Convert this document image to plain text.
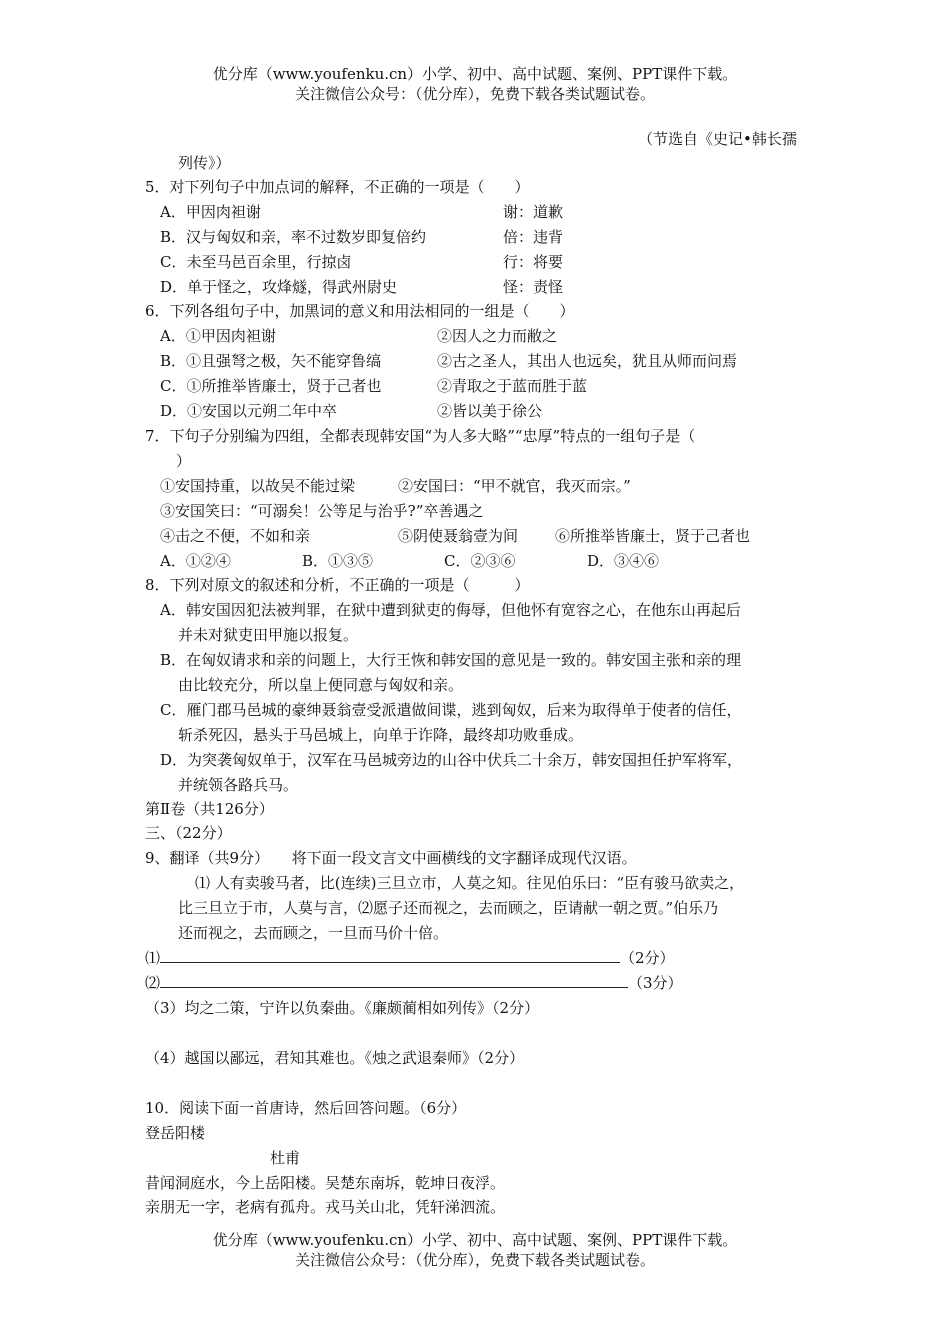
优分库（www.youfenku.cn）小学、初中、高中试题、案例、PPT课件下载。
关注微信公众号：（优分库），免费下载各类试题试卷。
（节选自《史记•韩长孺
列传》）
5．对下列句子中加点词的解释，不正确的一项是（　　）
A．甲因肉袒谢	谢：道歉
B．汉与匈奴和亲，率不过数岁即复倍约	倍：违背
C．未至马邑百余里，行掠卤	行：将要
D．单于怪之，攻烽燧，得武州尉史	怪：责怪
6．下列各组句子中，加黑词的意义和用法相同的一组是（　　）
A．①甲因肉袒谢	②因人之力而敝之
B．①且强弩之极，矢不能穿鲁缟	②古之圣人，其出人也远矣，犹且从师而问焉
C．①所推举皆廉士，贤于己者也	②青取之于蓝而胜于蓝
D．①安国以元朔二年中卒	②皆以美于徐公
7．下句子分别编为四组，全都表现韩安国“为人多大略”“忠厚”特点的一组句子是（
）
①安国持重，以故吴不能过梁	②安国曰：“甲不就官，我灭而宗。”
③安国笑曰：“可溺矣！公等足与治乎?”卒善遇之
④击之不便，不如和亲	⑤阴使聂翁壹为间 ⑥所推举皆廉士，贤于己者也
A．①②④	B．①③⑤	C．②③⑥	D．③④⑥
8．下列对原文的叙述和分析，不正确的一项是（　　　）
A．韩安国因犯法被判罪，在狱中遭到狱吏的侮辱，但他怀有宽容之心，在他东山再起后
并未对狱吏田甲施以报复。
B．在匈奴请求和亲的问题上，大行王恢和韩安国的意见是一致的。韩安国主张和亲的理
由比较充分，所以皇上便同意与匈奴和亲。
C．雁门郡马邑城的豪绅聂翁壹受派遣做间谍，逃到匈奴，后来为取得单于使者的信任，
斩杀死囚，悬头于马邑城上，向单于诈降，最终却功败垂成。
D．为突袭匈奴单于，汉军在马邑城旁边的山谷中伏兵二十余万，韩安国担任护军将军，
并统领各路兵马。
第Ⅱ卷（共126分）
三、（22分）
9、翻译（共9分）　　将下面一段文言文中画横线的文字翻译成现代汉语。
⑴ 人有卖骏马者，比(连续)三旦立市，人莫之知。往见伯乐曰：“臣有骏马欲卖之，
比三旦立于市，人莫与言，⑵愿子还而视之，去而顾之，臣请献一朝之贾。”伯乐乃
还而视之，去而顾之，一旦而马价十倍。
⑴	（2分）
⑵	（3分）
（3）均之二策，宁许以负秦曲。《廉颇蔺相如列传》（2分）
（4）越国以鄙远，君知其难也。《烛之武退秦师》（2分）
10．阅读下面一首唐诗，然后回答问题。（6分）
登岳阳楼
杜甫
昔闻洞庭水，今上岳阳楼。吴楚东南坼，乾坤日夜浮。
亲朋无一字，老病有孤舟。戎马关山北，凭轩涕泗流。
优分库（www.youfenku.cn）小学、初中、高中试题、案例、PPT课件下载。
关注微信公众号：（优分库），免费下载各类试题试卷。
